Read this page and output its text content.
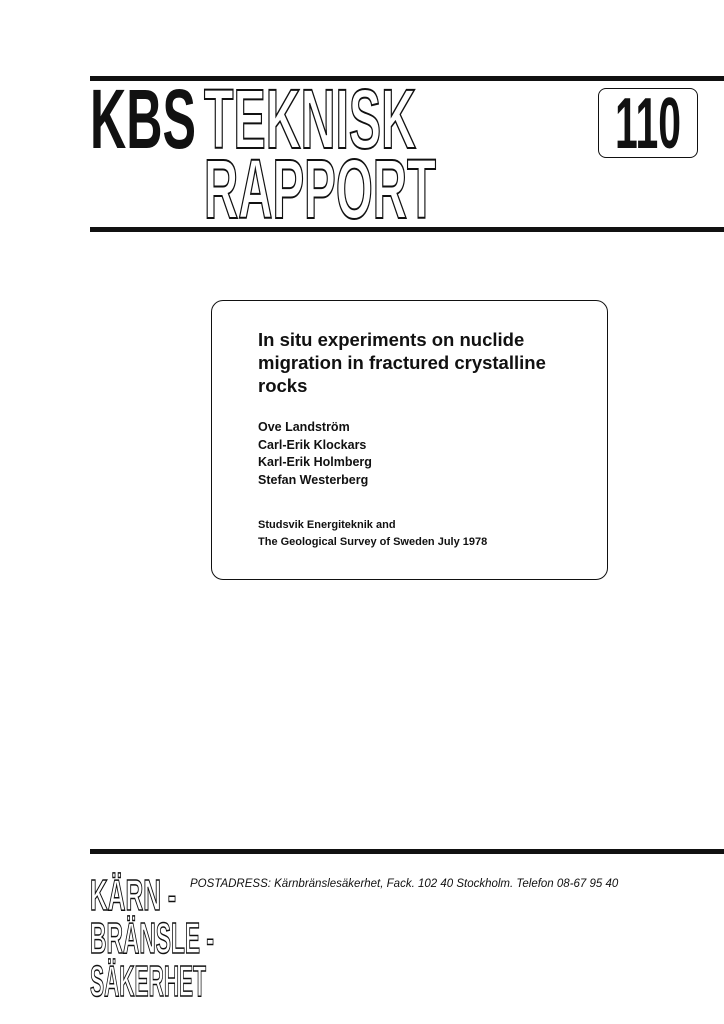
KBS TEKNISK
RAPPORT
110
In situ experiments on nuclide
migration in fractured crystalline
rocks
Ove Landström
Carl-Erik Klockars
Karl-Erik Holmberg
Stefan Westerberg
Studsvik Energiteknik and
The Geological Survey of Sweden July 1978
KÄRN -
BRÄNSLE -
SÄKERHET
POSTADRESS: Kärnbränslesäkerhet, Fack. 102 40 Stockholm. Telefon 08-67 95 40
